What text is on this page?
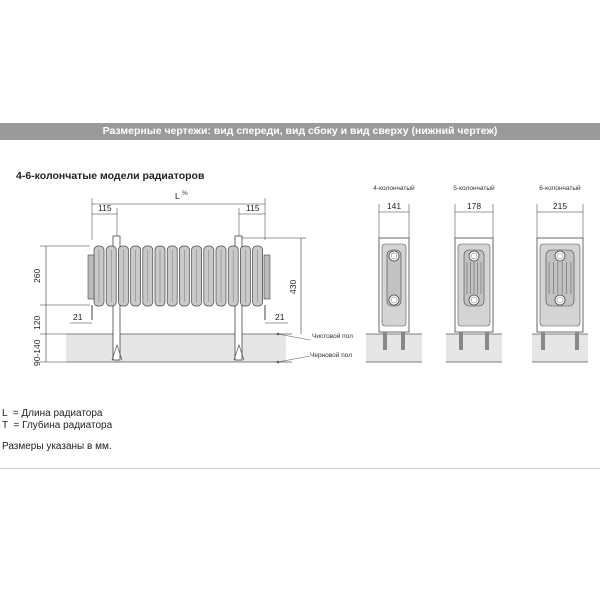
Размерные чертежи: вид спереди, вид сбоку и вид сверху (нижний чертеж)
4-6-колончатые модели радиаторов
L %
115	115
260
120
90-140
430
21	21
Чистовой пол
Черновой пол
4-колончатый
141
5-колончатый
178
6-колончатый
215
L = Длина радиатора
T = Глубина радиатора
Размеры указаны в мм.
